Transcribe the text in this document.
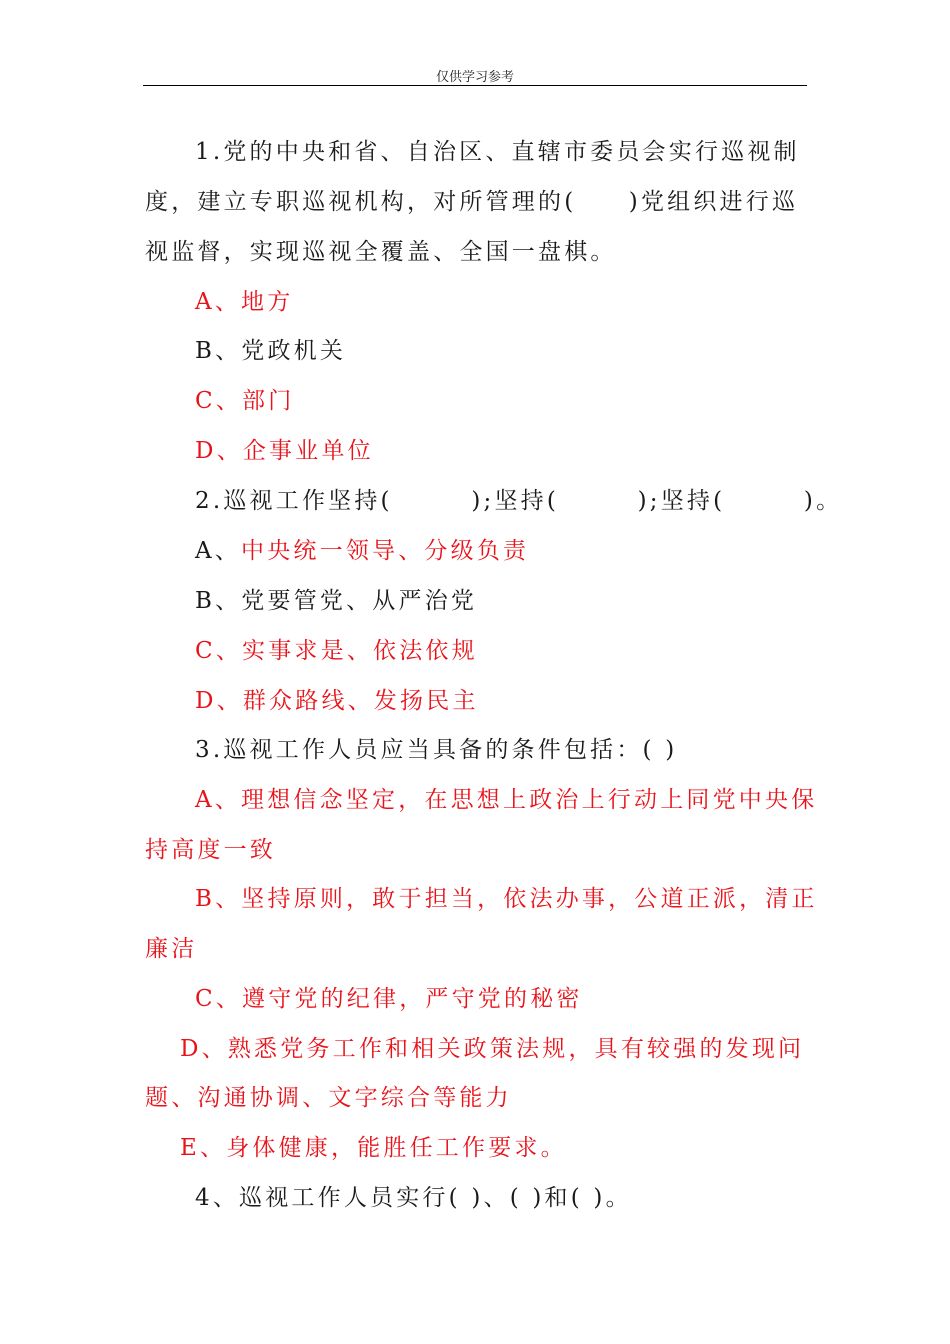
仅供学习参考
1.党的中央和省、自治区、直辖市委员会实行巡视制
度，建立专职巡视机构，对所管理的(　　)党组织进行巡
视监督，实现巡视全覆盖、全国一盘棋。
A、地方
B、党政机关
C、部门
D、企事业单位
2.巡视工作坚持(　　　);坚持(　　　);坚持(　　　)。
A、中央统一领导、分级负责
B、党要管党、从严治党
C、实事求是、依法依规
D、群众路线、发扬民主
3.巡视工作人员应当具备的条件包括：( )
A、理想信念坚定，在思想上政治上行动上同党中央保
持高度一致
B、坚持原则，敢于担当，依法办事，公道正派，清正
廉洁
C、遵守党的纪律，严守党的秘密
D、熟悉党务工作和相关政策法规，具有较强的发现问
题、沟通协调、文字综合等能力
E、身体健康，能胜任工作要求。
4、巡视工作人员实行( )、( )和( )。
